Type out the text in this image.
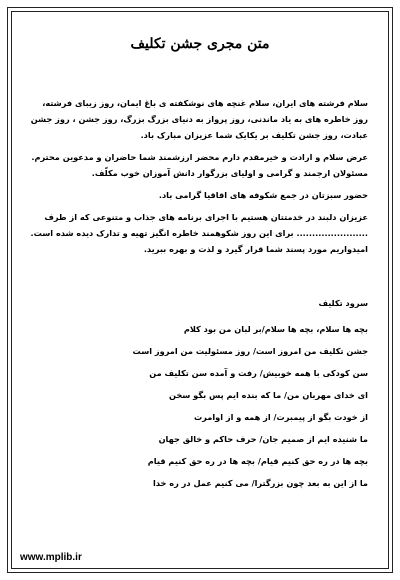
متن مجری جشن تکلیف

سلام فرشته های ایران، سلام غنچه های نوشکفته ی باغ ایمان، روز زیبای فرشته، روز خاطره های به یاد ماندنی، روز پرواز به دنیای بزرگ بزرگ، روز جشن ، روز جشن عبادت، روز جشن تکلیف بر یکایک شما عزیزان مبارک باد.

عرض سلام و ارادت و خیرمقدم دارم محضر ارزشمند شما حاضران و مدعوین محترم. مسئولان ارجمند و گرامی و اولیای بزرگوار دانش آموزان خوب مکلّف.

حضور سبزتان در جمع شکوفه های اقاقیا گرامی باد.

عزیزان دلبند در خدمتتان هستیم با اجرای برنامه های جذاب و متنوعی که از طرف ....................... برای این روز شکوهمند خاطره انگیز تهیه و تدارک دیده شده است. امیدواریم مورد پسند شما قرار گیرد و لذت و بهره ببرید.

سرود تکلیف

بچه ها سلام، بچه ها سلام/بر لبان من بود کلام

جشن تکلیف من امروز است/ روز مسئولیت من امروز است

سن کودکی با همه خوبیش/ رفت و آمده سن تکلیف من

ای خدای مهربان من/ ما که بنده ایم پس بگو سخن

از خودت بگو از پیمبرت/ از همه و از اوامرت

ما شنیده ایم از صمیم جان/ حرف حاکم و خالق جهان

بچه ها در ره حق کنیم قیام/ بچه ها در ره حق کنیم قیام

ما از این به بعد چون بزرگترا/ می کنیم عمل در ره خدا

www.mplib.ir
